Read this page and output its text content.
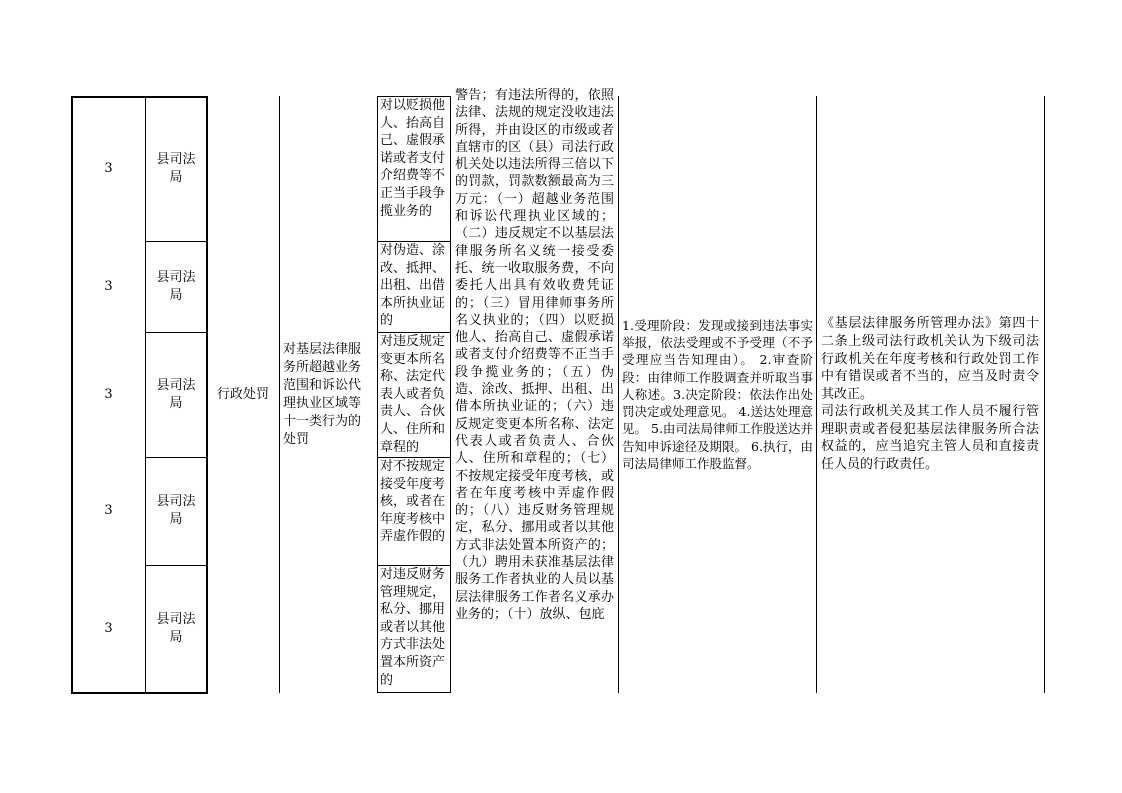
3
3
3
3
3
县司法局
县司法局
县司法局
县司法局
县司法局
行政处罚
对基层法律服务所超越业务范围和诉讼代理执业区域等十一类行为的处罚
对以贬损他人、抬高自己、虚假承诺或者支付介绍费等不正当手段争揽业务的
对伪造、涂改、抵押、出租、出借本所执业证的
对违反规定变更本所名称、法定代表人或者负责人、合伙人、住所和章程的
对不按规定接受年度考核，或者在年度考核中弄虚作假的
对违反财务管理规定，私分、挪用或者以其他方式非法处置本所资产的
警告；有违法所得的，依照法律、法规的规定没收违法所得，并由设区的市级或者直辖市的区（县）司法行政机关处以违法所得三倍以下的罚款，罚款数额最高为三万元：（一）超越业务范围和诉讼代理执业区域的；（二）违反规定不以基层法律服务所名义统一接受委托、统一收取服务费，不向委托人出具有效收费凭证的；（三）冒用律师事务所名义执业的；（四）以贬损他人、抬高自己、虚假承诺或者支付介绍费等不正当手段争揽业务的；（五）伪造、涂改、抵押、出租、出借本所执业证的；（六）违反规定变更本所名称、法定代表人或者负责人、合伙人、住所和章程的；（七）不按规定接受年度考核，或者在年度考核中弄虚作假的；（八）违反财务管理规定，私分、挪用或者以其他方式非法处置本所资产的；（九）聘用未获准基层法律服务工作者执业的人员以基层法律服务工作者名义承办业务的；（十）放纵、包庇

1.受理阶段：发现或接到违法事实举报，依法受理或不予受理（不予受理应当告知理由）。 2.审查阶段：由律师工作股调查并听取当事人称述。3.决定阶段：依法作出处罚决定或处理意见。 4.送达处理意见。 5.由司法局律师工作股送达并告知申诉途径及期限。 6.执行，由司法局律师工作股监督。

《基层法律服务所管理办法》第四十二条上级司法行政机关认为下级司法行政机关在年度考核和行政处罚工作中有错误或者不当的，应当及时责令其改正。

司法行政机关及其工作人员不履行管理职责或者侵犯基层法律服务所合法权益的，应当追究主管人员和直接责任人员的行政责任。
